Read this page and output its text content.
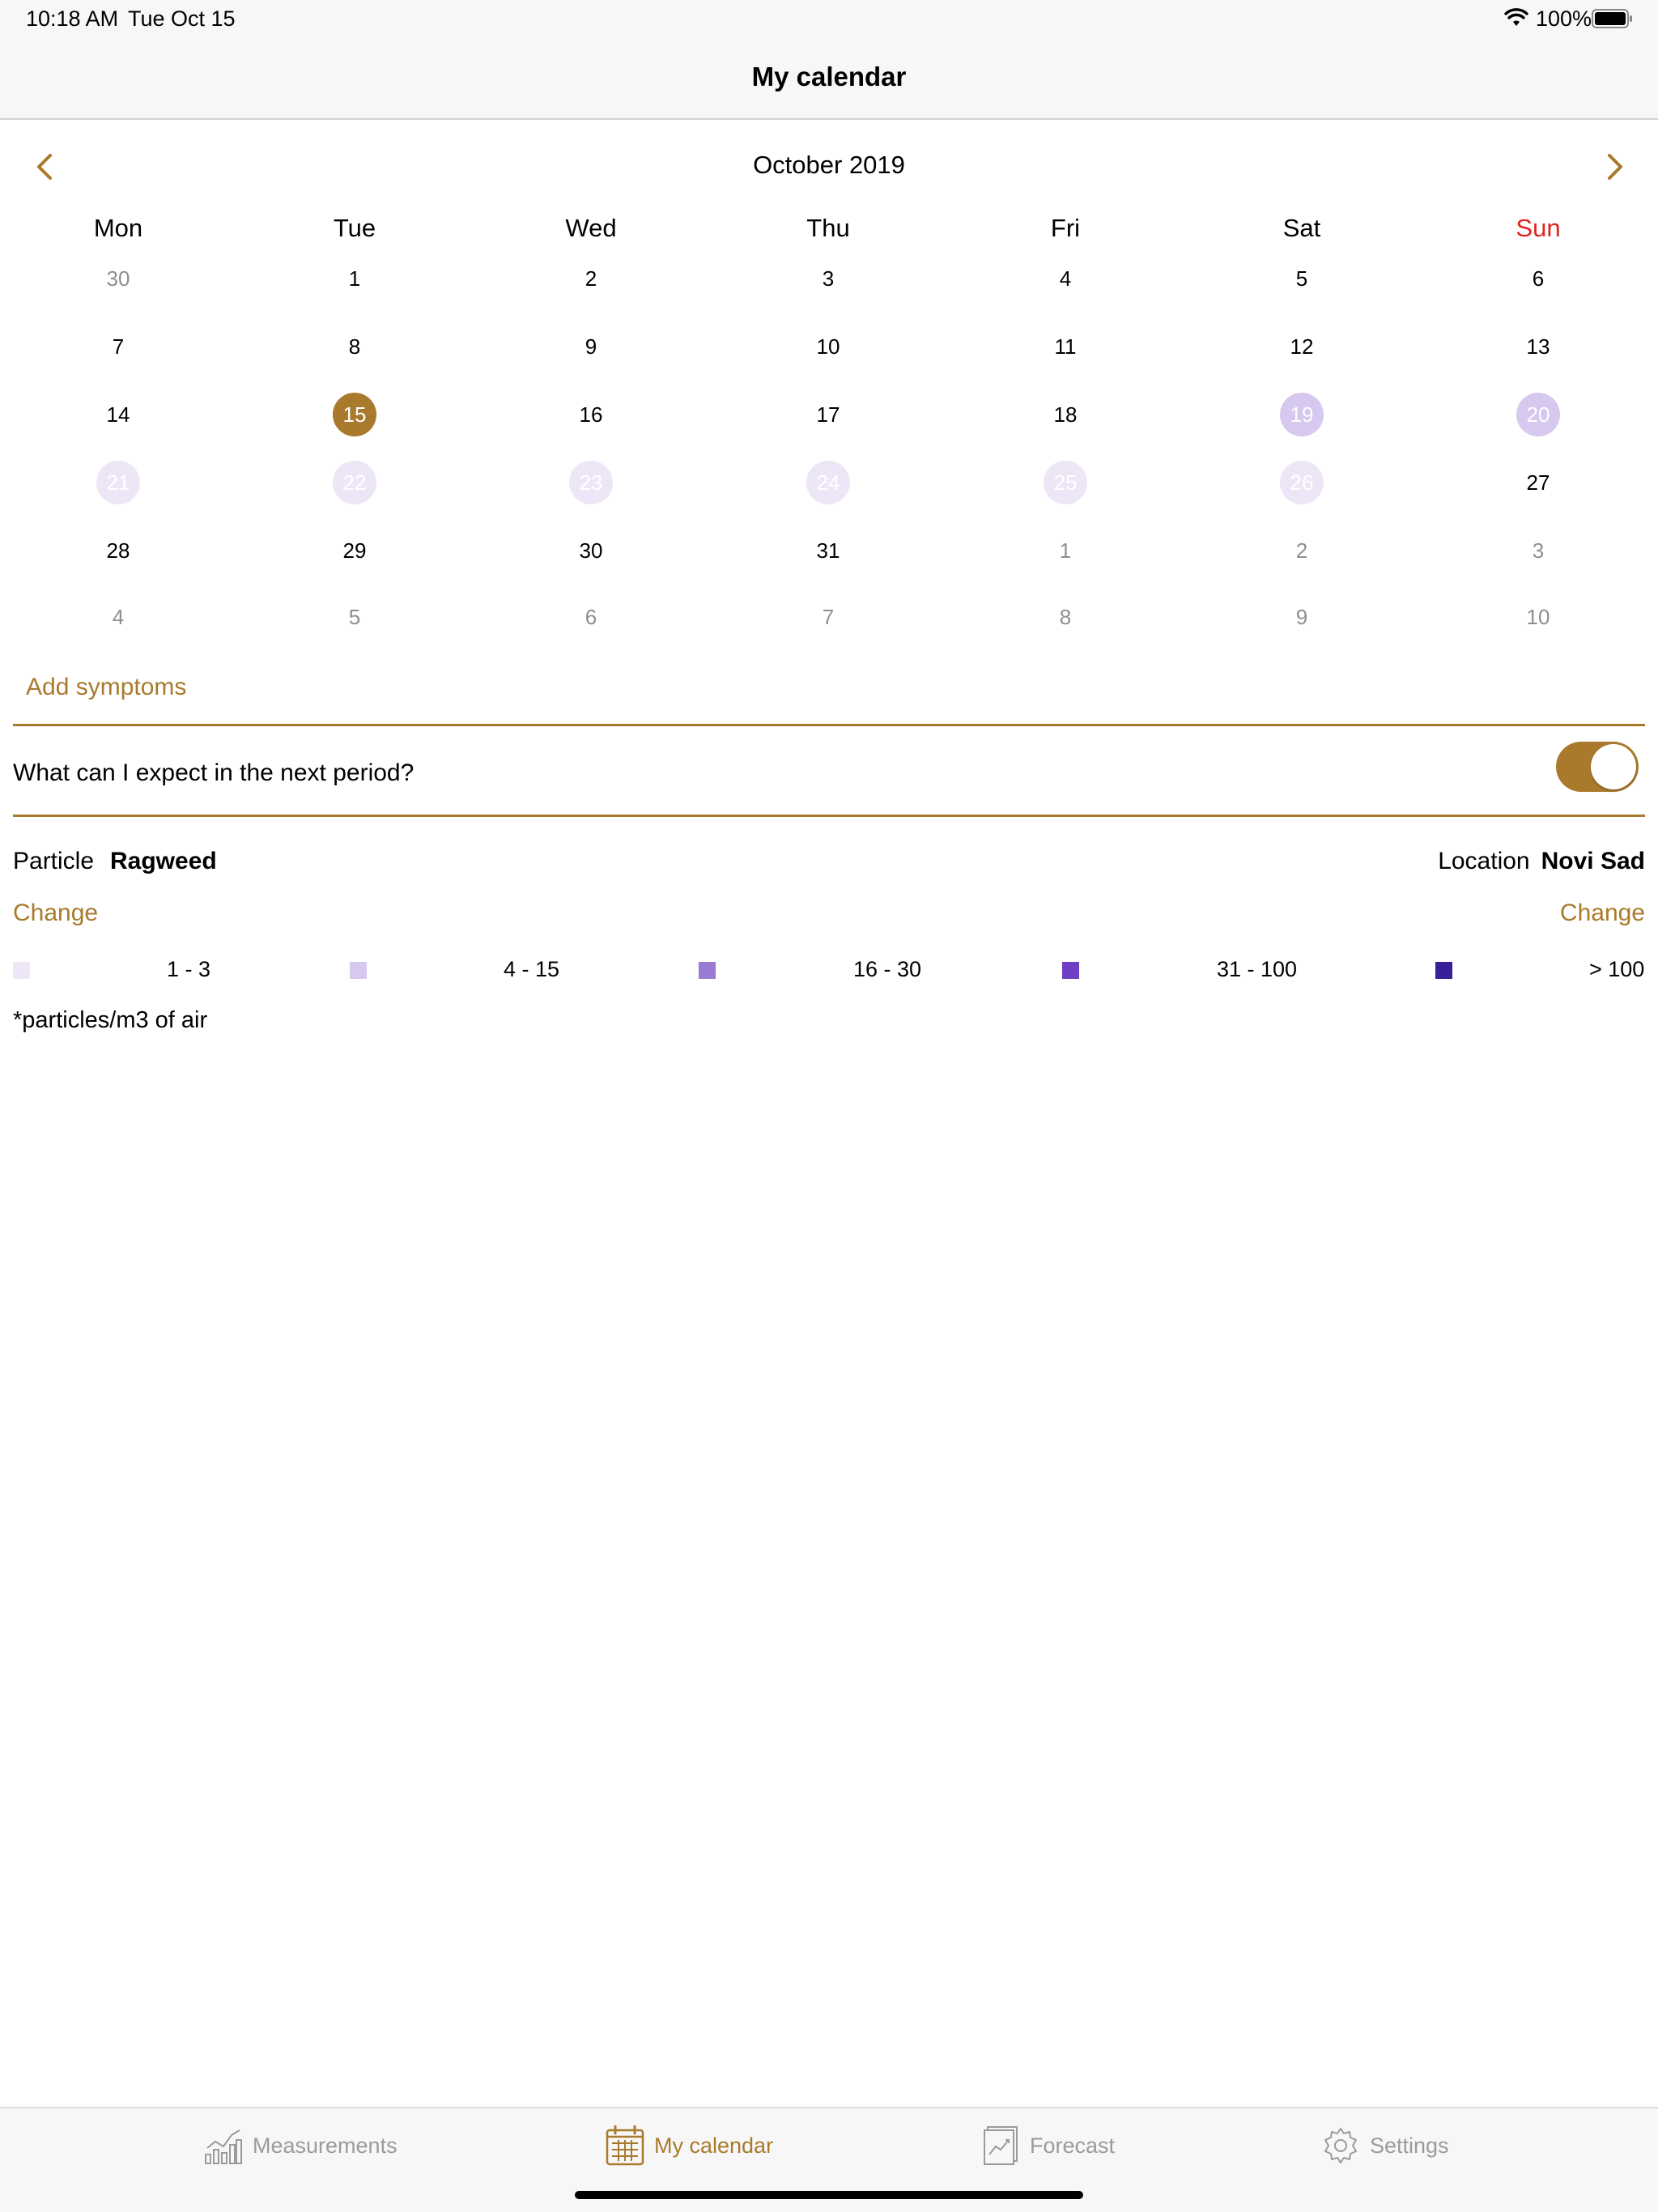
10:18 AM Tue Oct 15	100%
My calendar
October 2019
Mon	Tue	Wed	Thu	Fri	Sat	Sun
30	1	2	3	4	5	6
7	8	9	10	11	12	13
14	15	16	17	18	19	20
21	22	23	24	25	26	27
28	29	30	31	1	2	3
4	5	6	7	8	9	10
Add symptoms
What can I expect in the next period?
Particle Ragweed	Location Novi Sad
Change	Change
1 - 3	4 - 15	16 - 30	31 - 100	> 100
*particles/m3 of air
Measurements	My calendar	Forecast	Settings
